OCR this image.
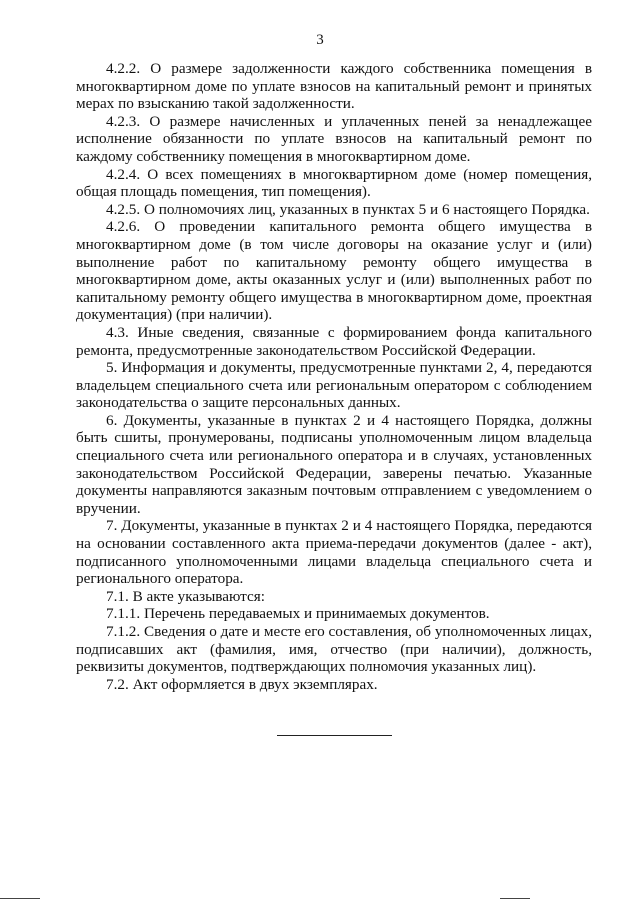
3

4.2.2. О размере задолженности каждого собственника помещения в многоквартирном доме по уплате взносов на капитальный ремонт и принятых мерах по взысканию такой задолженности.

4.2.3. О размере начисленных и уплаченных пеней за ненадлежащее исполнение обязанности по уплате взносов на капитальный ремонт по каждому собственнику помещения в многоквартирном доме.

4.2.4. О всех помещениях в многоквартирном доме (номер помещения, общая площадь помещения, тип помещения).

4.2.5. О полномочиях лиц, указанных в пунктах 5 и 6 настоящего Порядка.

4.2.6. О проведении капитального ремонта общего имущества в многоквартирном доме (в том числе договоры на оказание услуг и (или) выполнение работ по капитальному ремонту общего имущества в многоквартирном доме, акты оказанных услуг и (или) выполненных работ по капитальному ремонту общего имущества в многоквартирном доме, проектная документация) (при наличии).

4.3. Иные сведения, связанные с формированием фонда капитального ремонта, предусмотренные законодательством Российской Федерации.

5. Информация и документы, предусмотренные пунктами 2, 4, передаются владельцем специального счета или региональным оператором с соблюдением законодательства о защите персональных данных.

6. Документы, указанные в пунктах 2 и 4 настоящего Порядка, должны быть сшиты, пронумерованы, подписаны уполномоченным лицом владельца специального счета или регионального оператора и в случаях, установленных законодательством Российской Федерации, заверены печатью. Указанные документы направляются заказным почтовым отправлением с уведомлением о вручении.

7. Документы, указанные в пунктах 2 и 4 настоящего Порядка, передаются на основании составленного акта приема-передачи документов (далее - акт), подписанного уполномоченными лицами владельца специального счета и регионального оператора.

7.1. В акте указываются:

7.1.1. Перечень передаваемых и принимаемых документов.

7.1.2. Сведения о дате и месте его составления, об уполномоченных лицах, подписавших акт (фамилия, имя, отчество (при наличии), должность, реквизиты документов, подтверждающих полномочия указанных лиц).

7.2. Акт оформляется в двух экземплярах.
